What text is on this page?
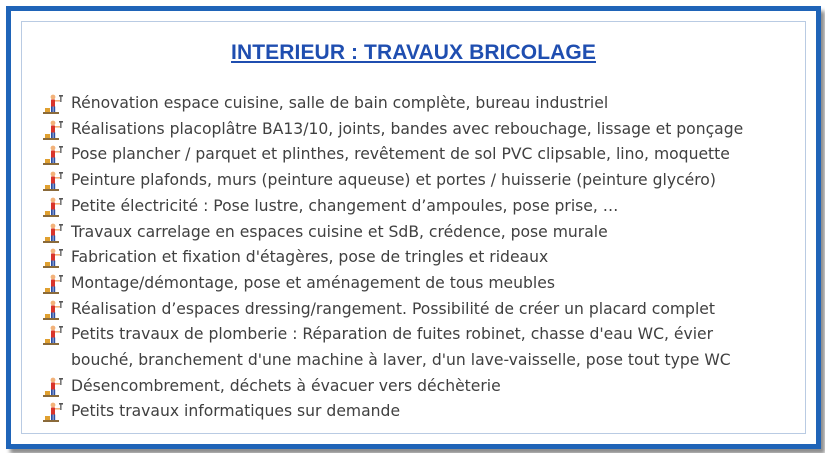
INTERIEUR : TRAVAUX BRICOLAGE
Rénovation espace cuisine, salle de bain complète, bureau industriel
Réalisations placoplâtre BA13/10, joints, bandes avec rebouchage, lissage et ponçage
Pose plancher / parquet et plinthes, revêtement de sol PVC clipsable, lino, moquette
Peinture plafonds, murs (peinture aqueuse) et portes / huisserie (peinture glycéro)
Petite électricité : Pose lustre, changement d’ampoules, pose prise, …
Travaux carrelage en espaces cuisine et SdB, crédence, pose murale
Fabrication et fixation d'étagères, pose de tringles et rideaux
Montage/démontage, pose et aménagement de tous meubles
Réalisation d’espaces dressing/rangement. Possibilité de créer un placard complet
Petits travaux de plomberie : Réparation de fuites robinet, chasse d'eau WC, évier
bouché, branchement d'une machine à laver, d'un lave-vaisselle, pose tout type WC
Désencombrement, déchets à évacuer vers déchèterie
Petits travaux informatiques sur demande
